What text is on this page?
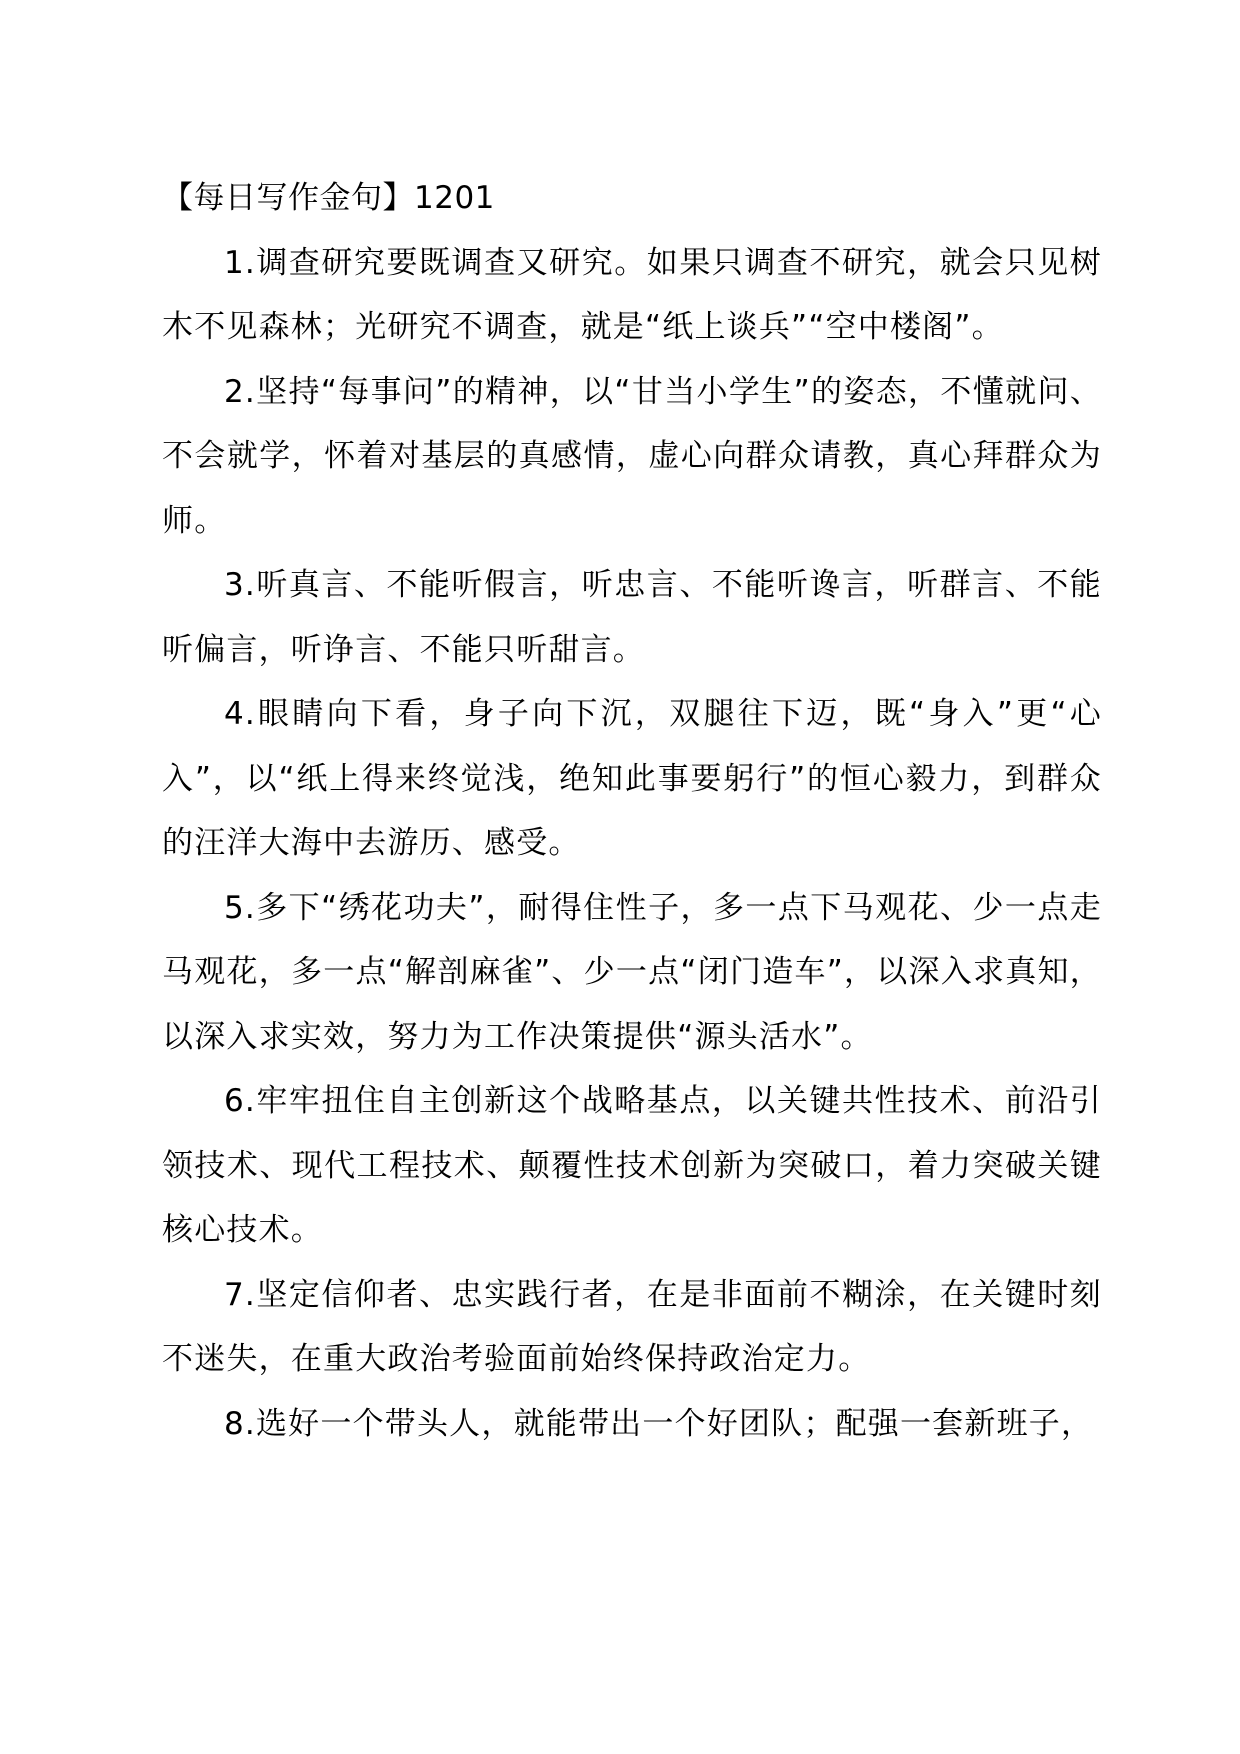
【每日写作金句】1201

1.调查研究要既调查又研究。如果只调查不研究，就会只见树木不见森林；光研究不调查，就是“纸上谈兵”“空中楼阁”。

2.坚持“每事问”的精神，以“甘当小学生”的姿态，不懂就问、不会就学，怀着对基层的真感情，虚心向群众请教，真心拜群众为师。

3.听真言、不能听假言，听忠言、不能听谗言，听群言、不能听偏言，听诤言、不能只听甜言。

4.眼睛向下看，身子向下沉，双腿往下迈，既“身入”更“心入”，以“纸上得来终觉浅，绝知此事要躬行”的恒心毅力，到群众的汪洋大海中去游历、感受。

5.多下“绣花功夫”，耐得住性子，多一点下马观花、少一点走马观花，多一点“解剖麻雀”、少一点“闭门造车”，以深入求真知，以深入求实效，努力为工作决策提供“源头活水”。

6.牢牢扭住自主创新这个战略基点，以关键共性技术、前沿引领技术、现代工程技术、颠覆性技术创新为突破口，着力突破关键核心技术。

7.坚定信仰者、忠实践行者，在是非面前不糊涂，在关键时刻不迷失，在重大政治考验面前始终保持政治定力。

8.选好一个带头人，就能带出一个好团队；配强一套新班子，
